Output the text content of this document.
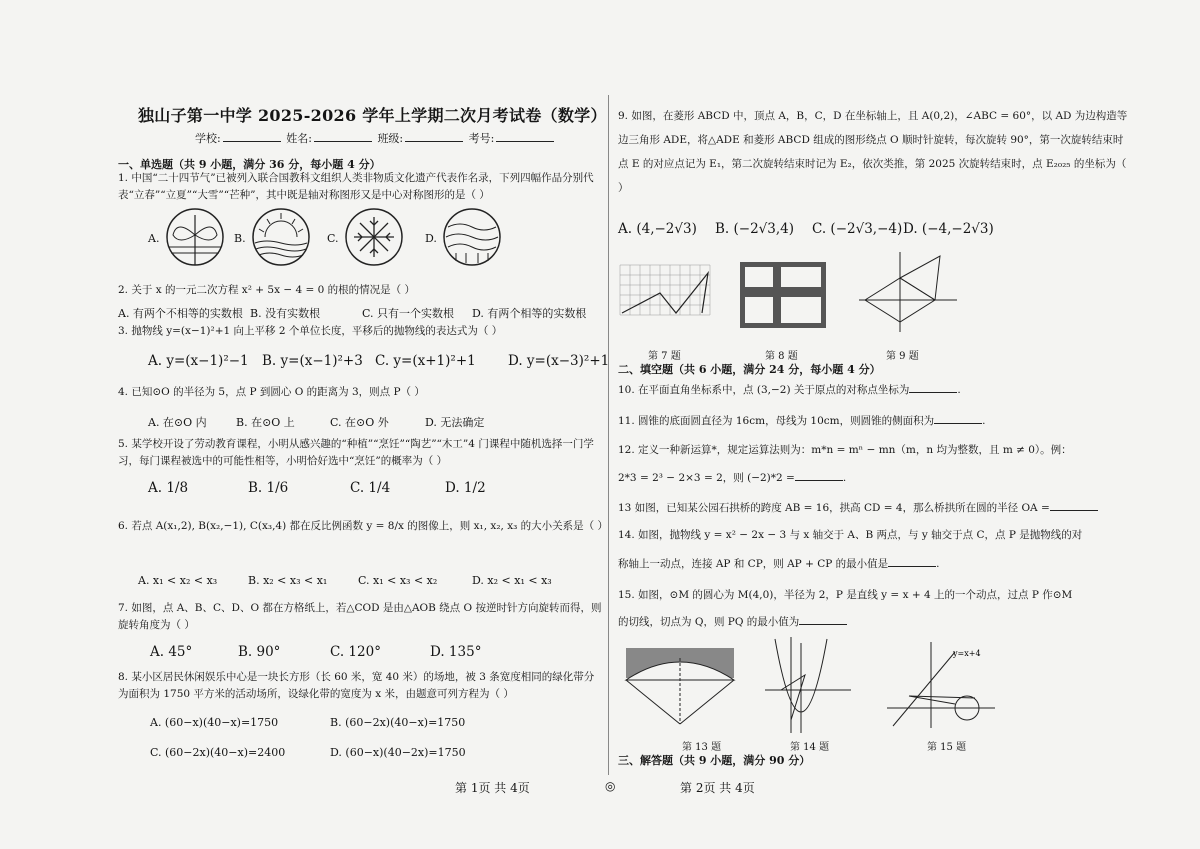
独山子第一中学 2025-2026 学年上学期二次月考试卷（数学）
学校:	姓名:	班级:	考号:
一、单选题（共 9 小题，满分 36 分，每小题 4 分）
1. 中国“二十四节气”已被列入联合国教科文组织人类非物质文化遗产代表作名录，下列四幅作品分别代表“立春”“立夏”“大雪”“芒种”，其中既是轴对称图形又是中心对称图形的是（ ）
A.	B.	C.	D.
2. 关于 x 的一元二次方程 x² + 5x − 4 = 0 的根的情况是（ ）
A. 有两个不相等的实数根 B. 没有实数根	C. 只有一个实数根 D. 有两个相等的实数根
3. 抛物线 y=(x−1)²+1 向上平移 2 个单位长度，平移后的抛物线的表达式为（ ）
A. y=(x−1)²−1 B. y=(x−1)²+3 C. y=(x+1)²+1 D. y=(x−3)²+1
4. 已知⊙O 的半径为 5，点 P 到圆心 O 的距离为 3，则点 P（ ）
A. 在⊙O 内	B. 在⊙O 上	C. 在⊙O 外	D. 无法确定
5. 某学校开设了劳动教育课程，小明从感兴趣的“种植”“烹饪”“陶艺”“木工”4 门课程中随机选择一门学习，每门课程被选中的可能性相等，小明恰好选中“烹饪”的概率为（ ）
A. 1/8	B. 1/6	C. 1/4	D. 1/2
6. 若点 A(x₁,2), B(x₂,−1), C(x₃,4) 都在反比例函数 y = 8/x 的图像上，则 x₁, x₂, x₃ 的大小关系是（ ）
A. x₁ < x₂ < x₃	B. x₂ < x₃ < x₁	C. x₁ < x₃ < x₂	D. x₂ < x₁ < x₃
7. 如图，点 A、B、C、D、O 都在方格纸上，若△COD 是由△AOB 绕点 O 按逆时针方向旋转而得，则旋转角度为（ ）
A. 45°	B. 90°	C. 120°	D. 135°
8. 某小区居民休闲娱乐中心是一块长方形（长 60 米，宽 40 米）的场地，被 3 条宽度相同的绿化带分为面积为 1750 平方米的活动场所，设绿化带的宽度为 x 米，由题意可列方程为（ ）
A. (60−x)(40−x)=1750	B. (60−2x)(40−x)=1750
C. (60−2x)(40−x)=2400	D. (60−x)(40−2x)=1750
9. 如图，在菱形 ABCD 中，顶点 A，B，C，D 在坐标轴上，且 A(0,2)，∠ABC = 60°，以 AD 为边构造等边三角形 ADE，将△ADE 和菱形 ABCD 组成的图形绕点 O 顺时针旋转，每次旋转 90°，第一次旋转结束时点 E 的对应点记为 E₁，第二次旋转结束时记为 E₂，依次类推，第 2025 次旋转结束时，点 E₂₀₂₅ 的坐标为（ ）
A. (4,−2√3) B. (−2√3,4) C. (−2√3,−4) D. (−4,−2√3)
第 7 题	第 8 题	第 9 题
二、填空题（共 6 小题，满分 24 分，每小题 4 分）
10. 在平面直角坐标系中，点 (3,−2) 关于原点的对称点坐标为	.
11. 圆锥的底面圆直径为 16cm，母线为 10cm，则圆锥的侧面积为	.
12. 定义一种新运算*，规定运算法则为：m*n = mⁿ − mn（m，n 均为整数，且 m ≠ 0）。例：
2*3 = 2³ − 2×3 = 2，则 (−2)*2 =	.
13 如图，已知某公园石拱桥的跨度 AB = 16，拱高 CD = 4，那么桥拱所在圆的半径 OA =
14. 如图，抛物线 y = x² − 2x − 3 与 x 轴交于 A、B 两点，与 y 轴交于点 C，点 P 是抛物线的对
称轴上一动点，连接 AP 和 CP，则 AP + CP 的最小值是	.
15. 如图，⊙M 的圆心为 M(4,0)，半径为 2，P 是直线 y = x + 4 上的一个动点，过点 P 作⊙M
的切线，切点为 Q，则 PQ 的最小值为
第 13 题	第 14 题
y=x+4
第 15 题
三、解答题（共 9 小题，满分 90 分）
第 1页 共 4页	◎	第 2页 共 4页
